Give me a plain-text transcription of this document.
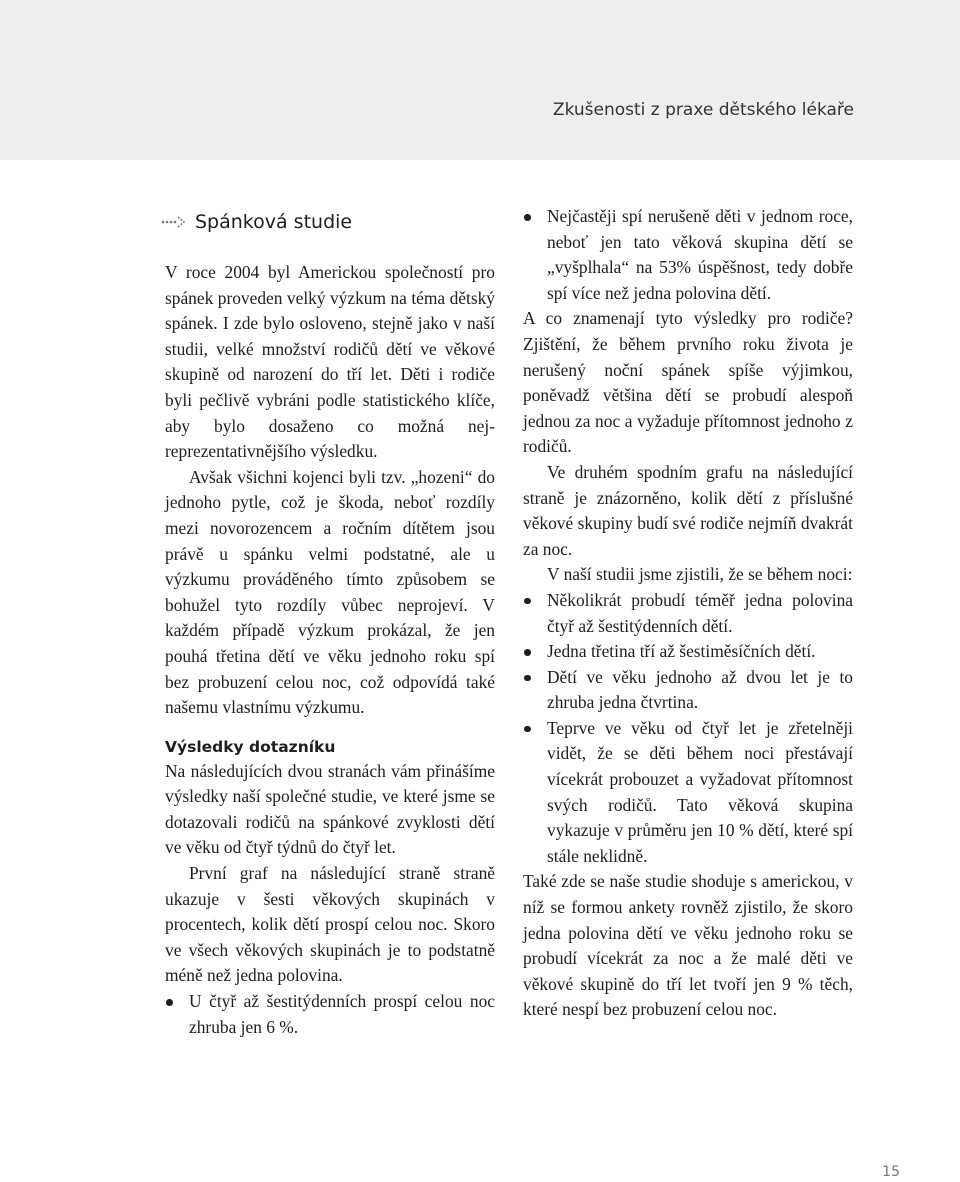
Zkušenosti z praxe dětského lékaře
Spánková studie

V roce 2004 byl Americkou společností pro spánek proveden velký výzkum na téma dětský spánek. I zde bylo osloveno, stejně jako v naší studii, velké množství rodičů dětí ve věkové skupině od narození do tří let. Děti i rodiče byli pečlivě vybráni podle statistického klíče, aby bylo dosaženo co možná nejreprezentativnějšího výsledku.

Avšak všichni kojenci byli tzv. „hozeni“ do jednoho pytle, což je škoda, neboť rozdíly mezi novorozencem a ročním dítětem jsou právě u spánku velmi podstatné, ale u výzkumu prováděného tímto způsobem se bohužel tyto rozdíly vůbec neprojeví. V každém případě výzkum prokázal, že jen pouhá třetina dětí ve věku jednoho roku spí bez probuzení celou noc, což odpovídá také našemu vlastnímu výzkumu.

Výsledky dotazníku

Na následujících dvou stranách vám přinášíme výsledky naší společné studie, ve které jsme se dotazovali rodičů na spánkové zvyklosti dětí ve věku od čtyř týdnů do čtyř let.

První graf na následující straně straně ukazuje v šesti věkových skupinách v procentech, kolik dětí prospí celou noc. Skoro ve všech věkových skupinách je to podstatně méně než jedna polovina.

U čtyř až šestitýdenních prospí celou noc zhruba jen 6 %.
Nejčastěji spí nerušeně děti v jednom roce, neboť jen tato věková skupina dětí se „vyšplhala“ na 53% úspěšnost, tedy dobře spí více než jedna polovina dětí.

A co znamenají tyto výsledky pro rodiče? Zjištění, že během prvního roku života je nerušený noční spánek spíše výjimkou, poněvadž většina dětí se probudí alespoň jednou za noc a vyžaduje přítomnost jednoho z rodičů.

Ve druhém spodním grafu na následující straně je znázorněno, kolik dětí z příslušné věkové skupiny budí své rodiče nejmíň dvakrát za noc.

V naší studii jsme zjistili, že se během noci:

Několikrát probudí téměř jedna polovina čtyř až šestitýdenních dětí.
Jedna třetina tří až šestiměsíčních dětí.
Dětí ve věku jednoho až dvou let je to zhruba jedna čtvrtina.
Teprve ve věku od čtyř let je zřetelněji vidět, že se děti během noci přestávají vícekrát probouzet a vyžadovat přítomnost svých rodičů. Tato věková skupina vykazuje v průměru jen 10 % dětí, které spí stále neklidně.

Také zde se naše studie shoduje s americkou, v níž se formou ankety rovněž zjistilo, že skoro jedna polovina dětí ve věku jednoho roku se probudí vícekrát za noc a že malé děti ve věkové skupině do tří let tvoří jen 9 % těch, které nespí bez probuzení celou noc.

15
